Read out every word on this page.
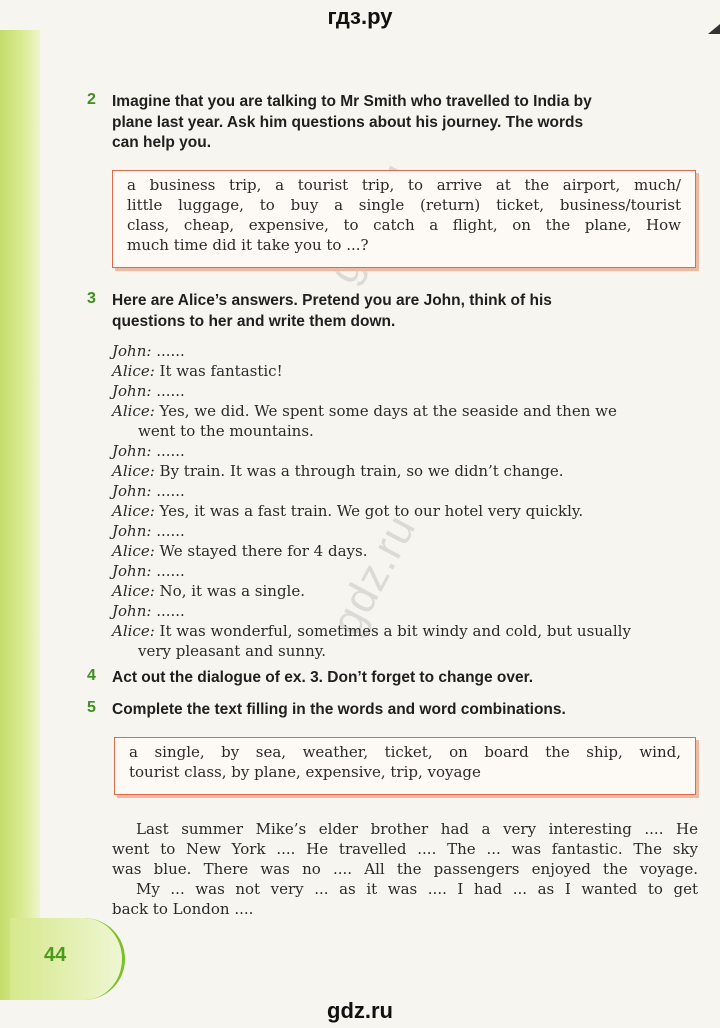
гдз.ру
gdz.ru
2 Imagine that you are talking to Mr Smith who travelled to India by
plane last year. Ask him questions about his journey. The words
can help you.
a business trip, a tourist trip, to arrive at the airport, much/
little luggage, to buy a single (return) ticket, business/tourist
class, cheap, expensive, to catch a flight, on the plane, How
much time did it take you to ...?
3 Here are Alice’s answers. Pretend you are John, think of his
questions to her and write them down.
John: ......
Alice: It was fantastic!
John: ......
Alice: Yes, we did. We spent some days at the seaside and then we
went to the mountains.
John: ......
Alice: By train. It was a through train, so we didn’t change.
John: ......
Alice: Yes, it was a fast train. We got to our hotel very quickly.
John: ......
Alice: We stayed there for 4 days.
John: ......
Alice: No, it was a single.
John: ......
Alice: It was wonderful, sometimes a bit windy and cold, but usually
very pleasant and sunny.
4 Act out the dialogue of ex. 3. Don’t forget to change over.
5 Complete the text filling in the words and word combinations.
a single, by sea, weather, ticket, on board the ship, wind,
tourist class, by plane, expensive, trip, voyage
Last summer Mike’s elder brother had a very interesting .... He
went to New York .... He travelled .... The ... was fantastic. The sky
was blue. There was no .... All the passengers enjoyed the voyage.
My ... was not very ... as it was .... I had ... as I wanted to get
back to London ....
44
gdz.ru
